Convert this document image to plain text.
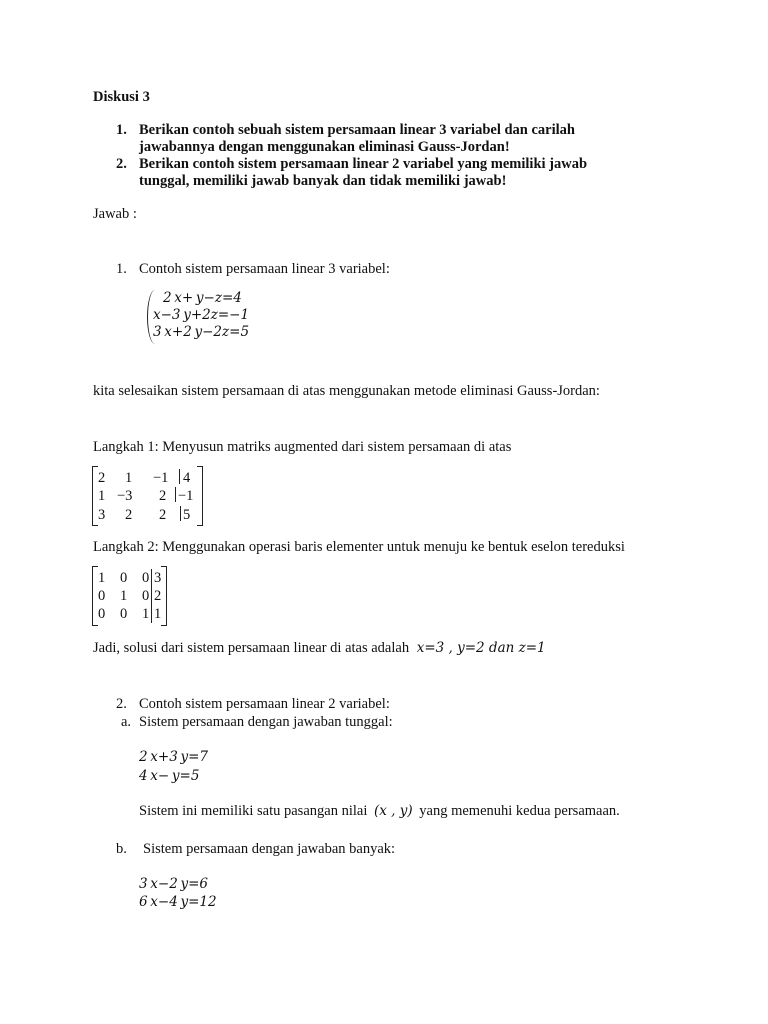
Diskusi 3
1. Berikan contoh sebuah sistem persamaan linear 3 variabel dan carilah
jawabannya dengan menggunakan eliminasi Gauss-Jordan!
2. Berikan contoh sistem persamaan linear 2 variabel yang memiliki jawab
tunggal, memiliki jawab banyak dan tidak memiliki jawab!
Jawab :
1. Contoh sistem persamaan linear 3 variabel:
2 x+ y−z=4
x−3 y+2z=−1
3 x+2 y−2z=5
kita selesaikan sistem persamaan di atas menggunakan metode eliminasi Gauss-Jordan:
Langkah 1: Menyusun matriks augmented dari sistem persamaan di atas
2 1 −1 4
1 −3 2 −1
3 2 2 5
Langkah 2: Menggunakan operasi baris elementer untuk menuju ke bentuk eselon tereduksi
1 0 0 3
0 1 0 2
0 0 1 1
Jadi, solusi dari sistem persamaan linear di atas adalah x=3 , y=2 dan z=1
2. Contoh sistem persamaan linear 2 variabel:
a. Sistem persamaan dengan jawaban tunggal:
2 x+3 y=7
4 x− y=5
Sistem ini memiliki satu pasangan nilai (x , y) yang memenuhi kedua persamaan.
b. Sistem persamaan dengan jawaban banyak:
3 x−2 y=6
6 x−4 y=12
